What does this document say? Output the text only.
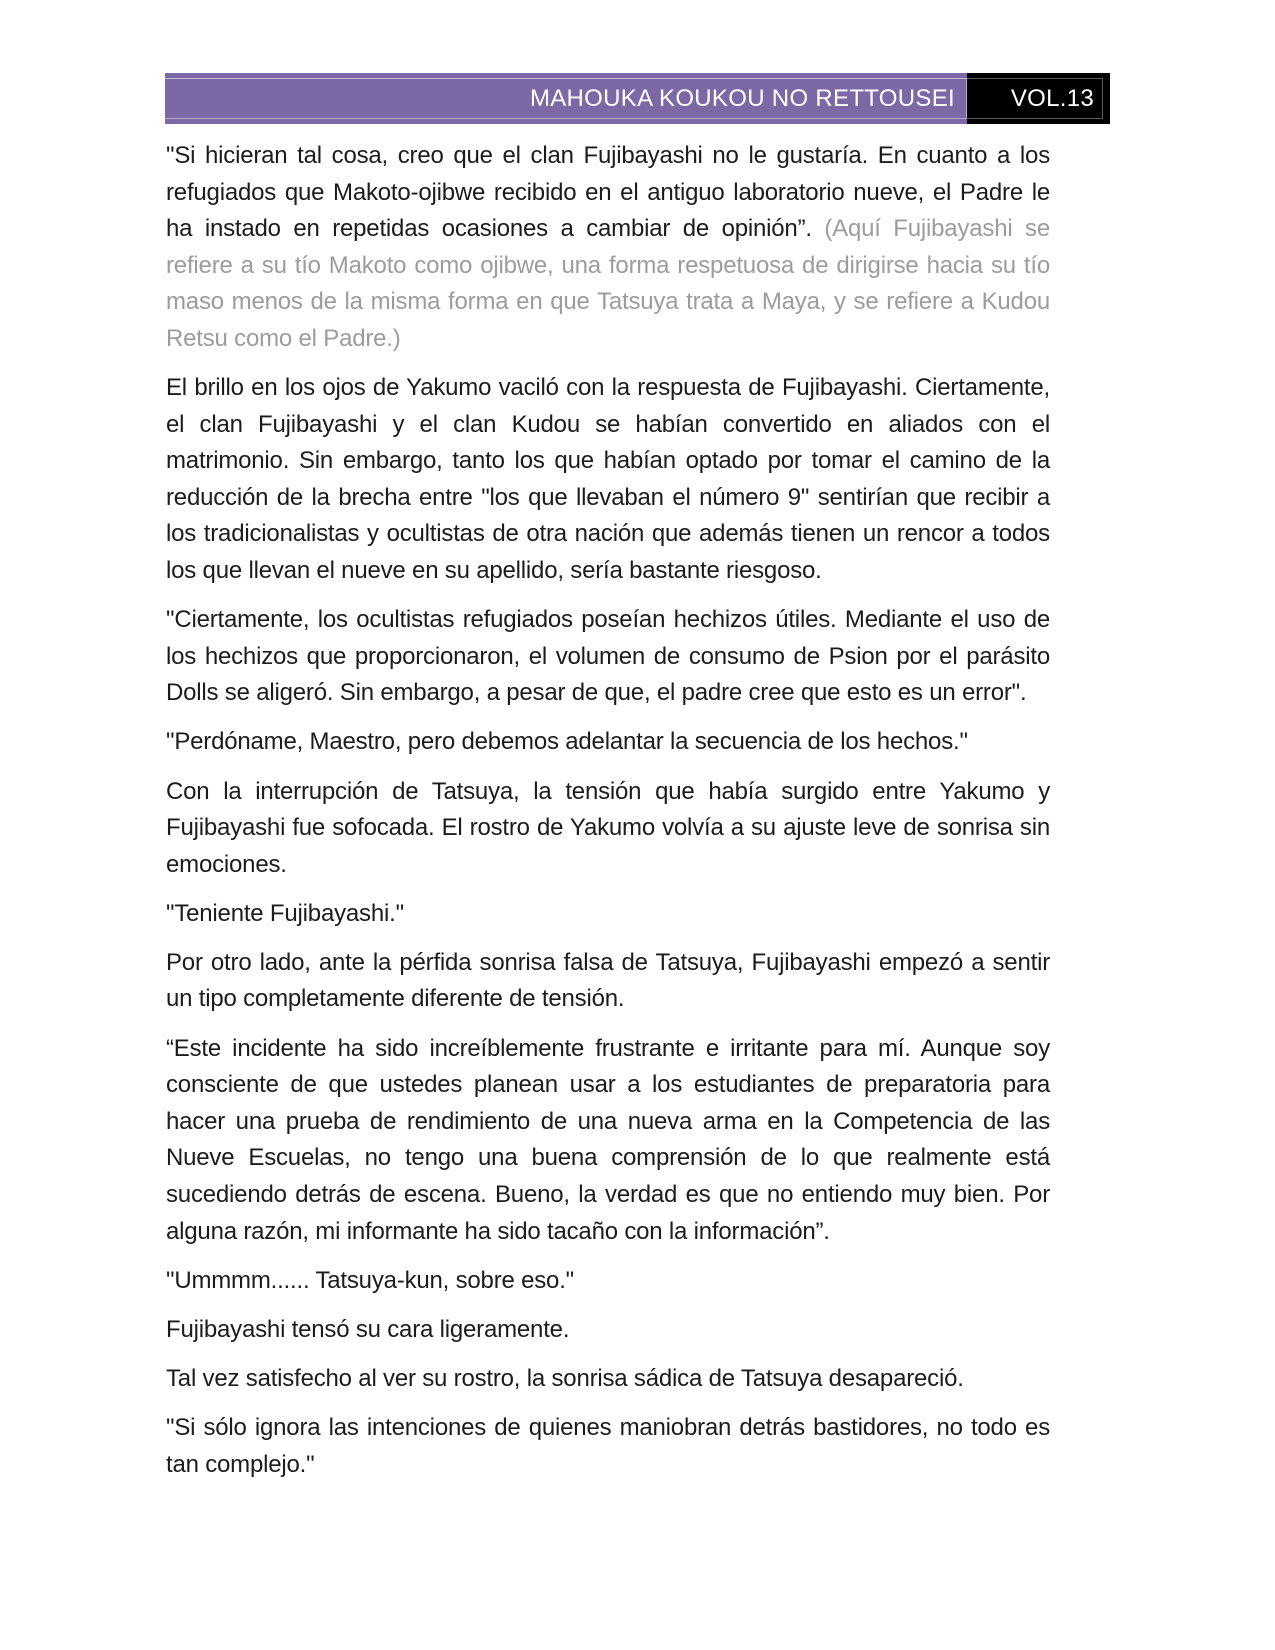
MAHOUKA KOUKOU NO RETTOUSEI VOL.13

"Si hicieran tal cosa, creo que el clan Fujibayashi no le gustaría. En cuanto a los refugiados que Makoto-ojibwe recibido en el antiguo laboratorio nueve, el Padre le ha instado en repetidas ocasiones a cambiar de opinión”. (Aquí Fujibayashi se refiere a su tío Makoto como ojibwe, una forma respetuosa de dirigirse hacia su tío maso menos de la misma forma en que Tatsuya trata a Maya, y se refiere a Kudou Retsu como el Padre.)

El brillo en los ojos de Yakumo vaciló con la respuesta de Fujibayashi. Ciertamente, el clan Fujibayashi y el clan Kudou se habían convertido en aliados con el matrimonio. Sin embargo, tanto los que habían optado por tomar el camino de la reducción de la brecha entre "los que llevaban el número 9" sentirían que recibir a los tradicionalistas y ocultistas de otra nación que además tienen un rencor a todos los que llevan el nueve en su apellido, sería bastante riesgoso.

"Ciertamente, los ocultistas refugiados poseían hechizos útiles. Mediante el uso de los hechizos que proporcionaron, el volumen de consumo de Psion por el parásito Dolls se aligeró. Sin embargo, a pesar de que, el padre cree que esto es un error".

"Perdóname, Maestro, pero debemos adelantar la secuencia de los hechos."

Con la interrupción de Tatsuya, la tensión que había surgido entre Yakumo y Fujibayashi fue sofocada. El rostro de Yakumo volvía a su ajuste leve de sonrisa sin emociones.

"Teniente Fujibayashi."

Por otro lado, ante la pérfida sonrisa falsa de Tatsuya, Fujibayashi empezó a sentir un tipo completamente diferente de tensión.

“Este incidente ha sido increíblemente frustrante e irritante para mí. Aunque soy consciente de que ustedes planean usar a los estudiantes de preparatoria para hacer una prueba de rendimiento de una nueva arma en la Competencia de las Nueve Escuelas, no tengo una buena comprensión de lo que realmente está sucediendo detrás de escena. Bueno, la verdad es que no entiendo muy bien. Por alguna razón, mi informante ha sido tacaño con la información”.

"Ummmm...... Tatsuya-kun, sobre eso."

Fujibayashi tensó su cara ligeramente.

Tal vez satisfecho al ver su rostro, la sonrisa sádica de Tatsuya desapareció.

"Si sólo ignora las intenciones de quienes maniobran detrás bastidores, no todo es tan complejo."
